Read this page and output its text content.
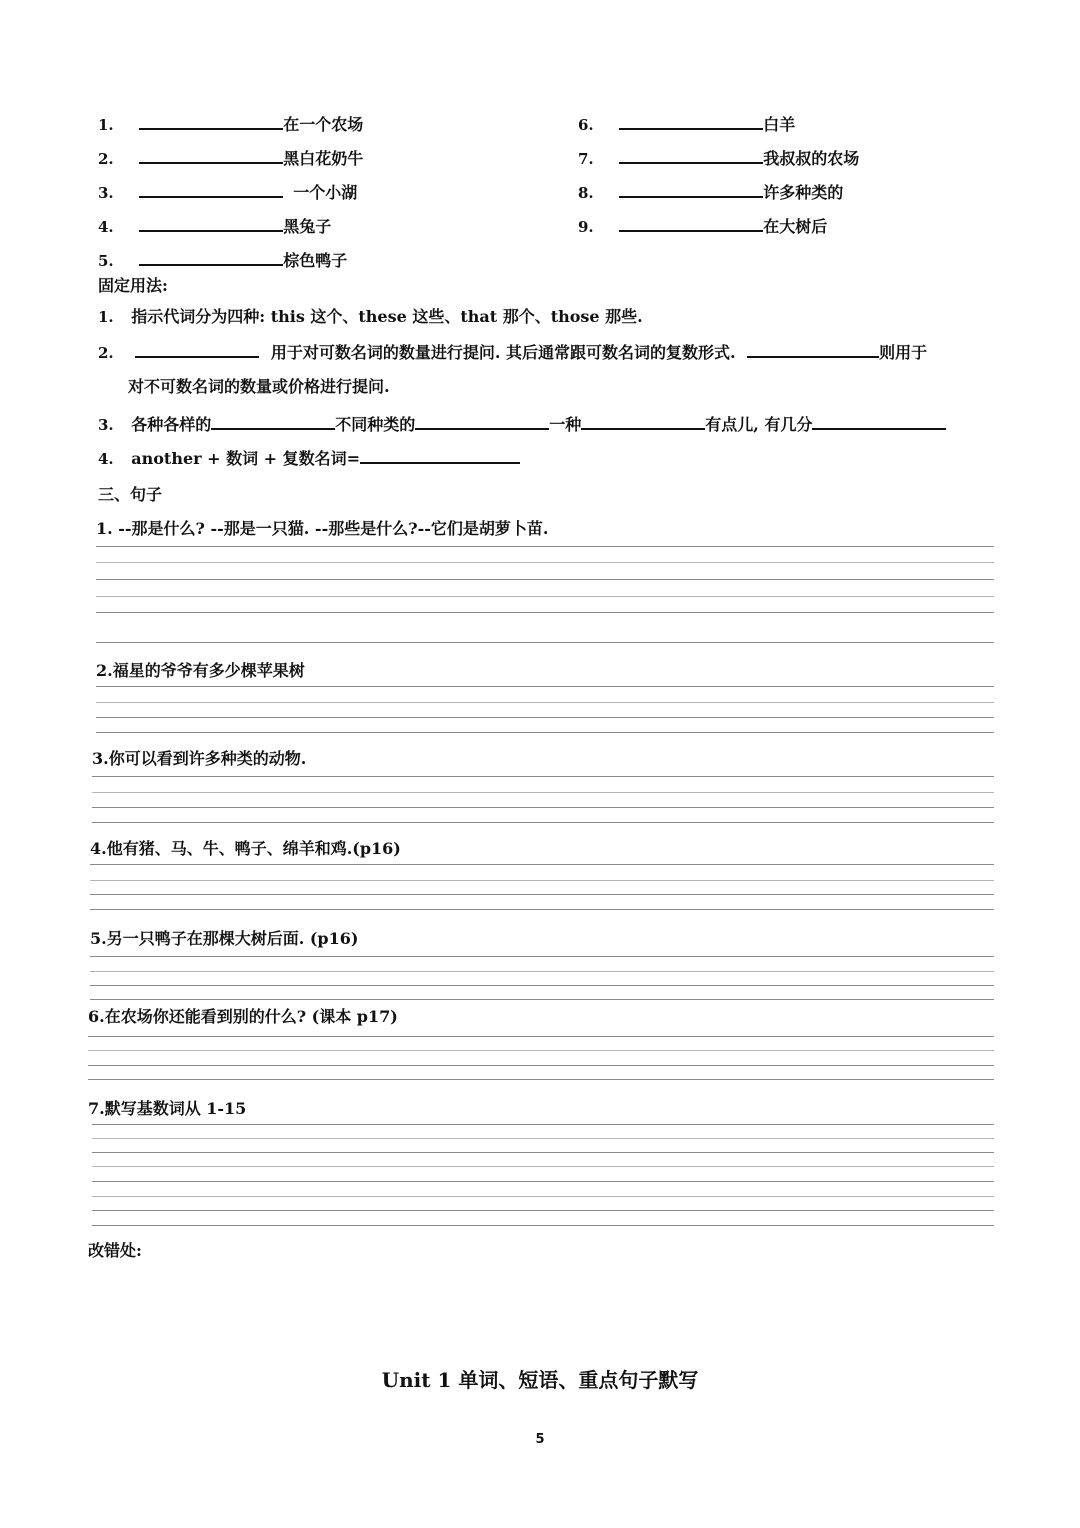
1.	在一个农场
2.	黑白花奶牛
3.	一个小湖
4.	黑兔子
5.	棕色鸭子
6.	白羊
7.	我叔叔的农场
8.	许多种类的
9.	在大树后
固定用法:
1. 指示代词分为四种: this 这个、these 这些、that 那个、those 那些.
2.	用于对可数名词的数量进行提问. 其后通常跟可数名词的复数形式.	则用于
对不可数名词的数量或价格进行提问.
3. 各种各样的	不同种类的	一种	有点儿, 有几分
4. another + 数词 + 复数名词=
三、句子
1. --那是什么? --那是一只猫. --那些是什么?--它们是胡萝卜苗.
2.福星的爷爷有多少棵苹果树
3.你可以看到许多种类的动物.
4.他有猪、马、牛、鸭子、绵羊和鸡.(p16)
5.另一只鸭子在那棵大树后面. (p16)
6.在农场你还能看到别的什么? (课本 p17)
7.默写基数词从 1-15
改错处:
Unit 1 单词、短语、重点句子默写
5
